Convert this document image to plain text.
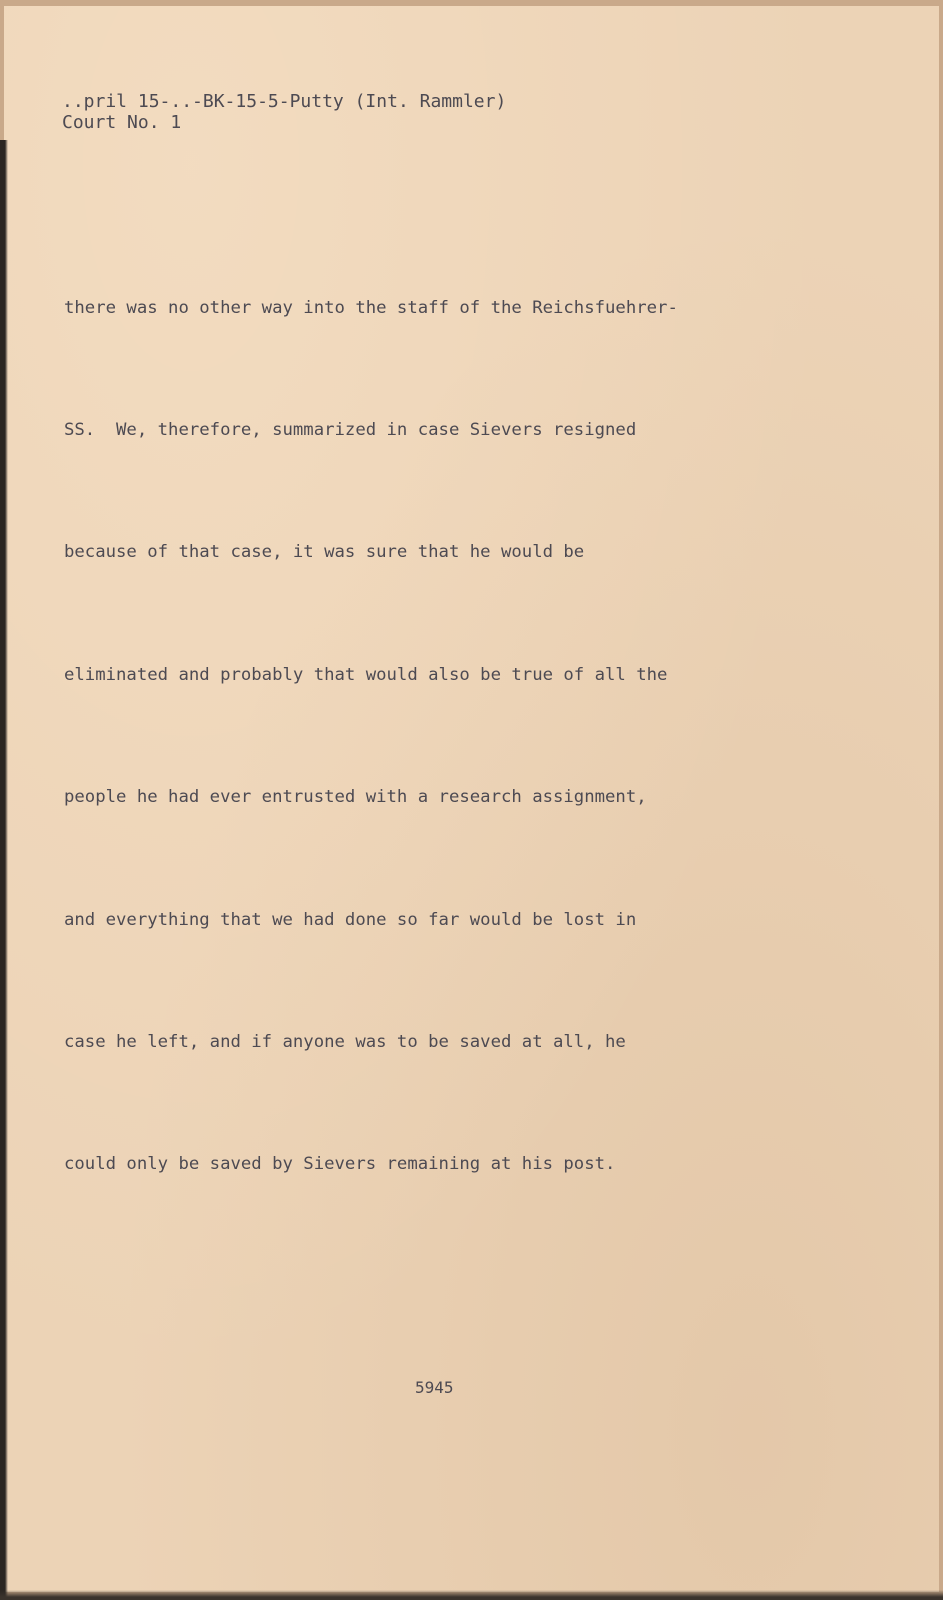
..pril 15-..-BK-15-5-Putty (Int. Rammler)
Court No. 1

there was no other way into the staff of the Reichsfuehrer-

SS.  We, therefore, summarized in case Sievers resigned

because of that case, it was sure that he would be

eliminated and probably that would also be true of all the

people he had ever entrusted with a research assignment,

and everything that we had done so far would be lost in

case he left, and if anyone was to be saved at all, he

could only be saved by Sievers remaining at his post.

5945
